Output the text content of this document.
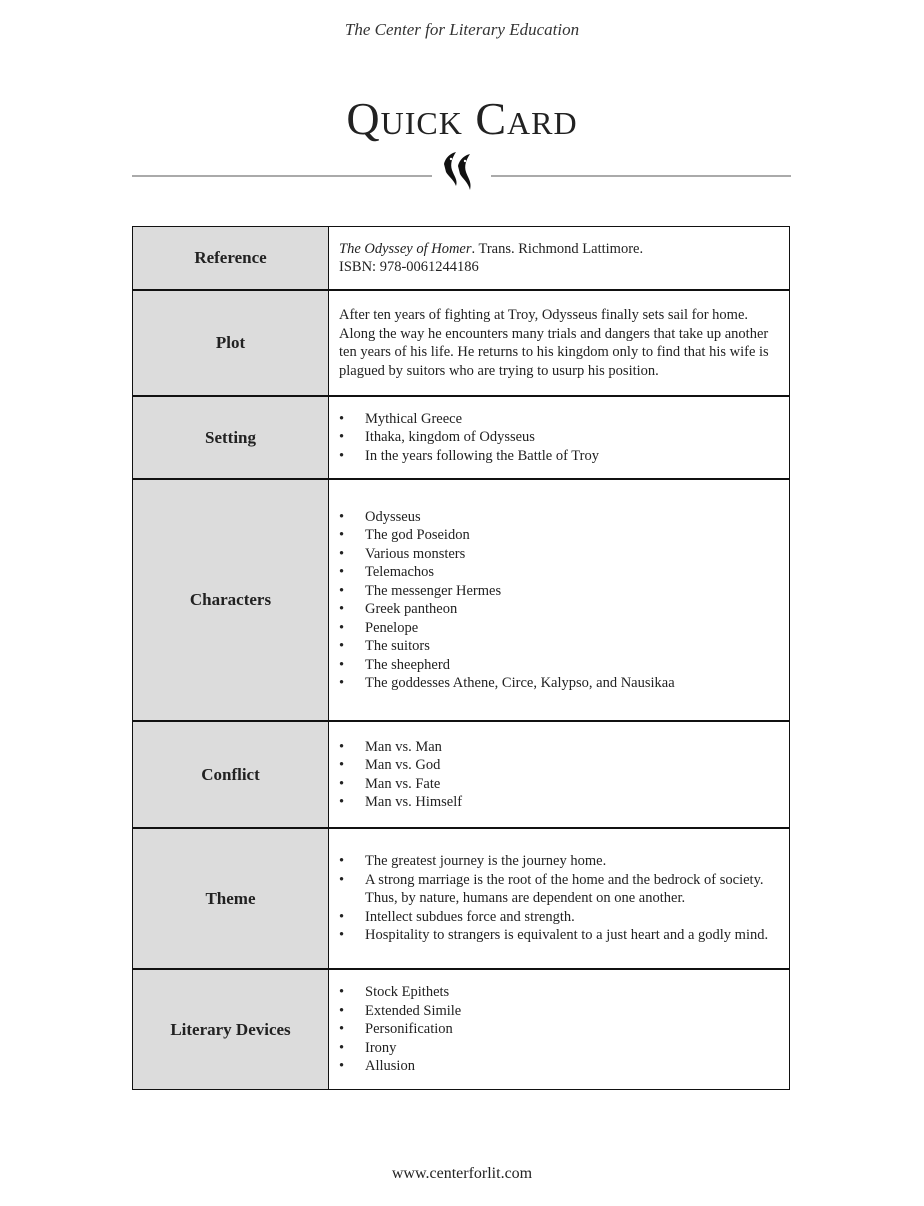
The Center for Literary Education
Quick Card
Reference	The Odyssey of Homer. Trans. Richmond Lattimore.
ISBN: 978-0061244186
Plot
After ten years of fighting at Troy, Odysseus finally sets sail for home. Along the way he encounters many trials and dangers that take up another ten years of his life. He returns to his kingdom only to find that his wife is plagued by suitors who are trying to usurp his position.
Setting
• Mythical Greece
• Ithaka, kingdom of Odysseus
• In the years following the Battle of Troy
Characters
• Odysseus
• The god Poseidon
• Various monsters
• Telemachos
• The messenger Hermes
• Greek pantheon
• Penelope
• The suitors
• The sheepherd
• The goddesses Athene, Circe, Kalypso, and Nausikaa
Conflict
• Man vs. Man
• Man vs. God
• Man vs. Fate
• Man vs. Himself
Theme
• The greatest journey is the journey home.
• A strong marriage is the root of the home and the bedrock of society. Thus, by nature, humans are dependent on one another.
• Intellect subdues force and strength.
• Hospitality to strangers is equivalent to a just heart and a godly mind.
Literary Devices
• Stock Epithets
• Extended Simile
• Personification
• Irony
• Allusion
www.centerforlit.com
